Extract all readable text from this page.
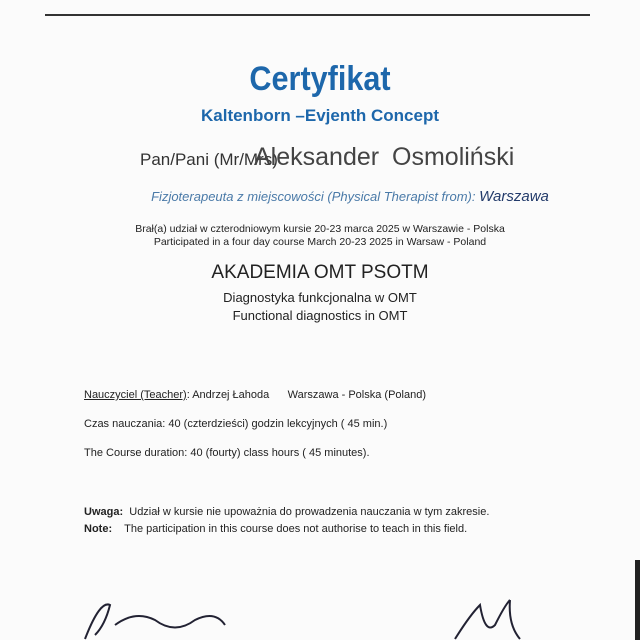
Certyfikat
Kaltenborn –Evjenth Concept
Pan/Pani (Mr/Mrs)
Aleksander Osmoliński
Fizjoterapeuta z miejscowości (Physical Therapist from): Warszawa
Brał(a) udział w czterodniowym kursie 20-23 marca 2025 w Warszawie - Polska
Participated in a four day course March 20-23 2025 in Warsaw - Poland
AKADEMIA OMT PSOTM
Diagnostyka funkcjonalna w OMT
Functional diagnostics in OMT
Nauczyciel (Teacher): Andrzej Łahoda Warszawa - Polska (Poland)
Czas nauczania: 40 (czterdzieści) godzin lekcyjnych ( 45 min.)
The Course duration: 40 (fourty) class hours ( 45 minutes).
Uwaga: Udział w kursie nie upoważnia do prowadzenia nauczania w tym zakresie.
Note: The participation in this course does not authorise to teach in this field.
